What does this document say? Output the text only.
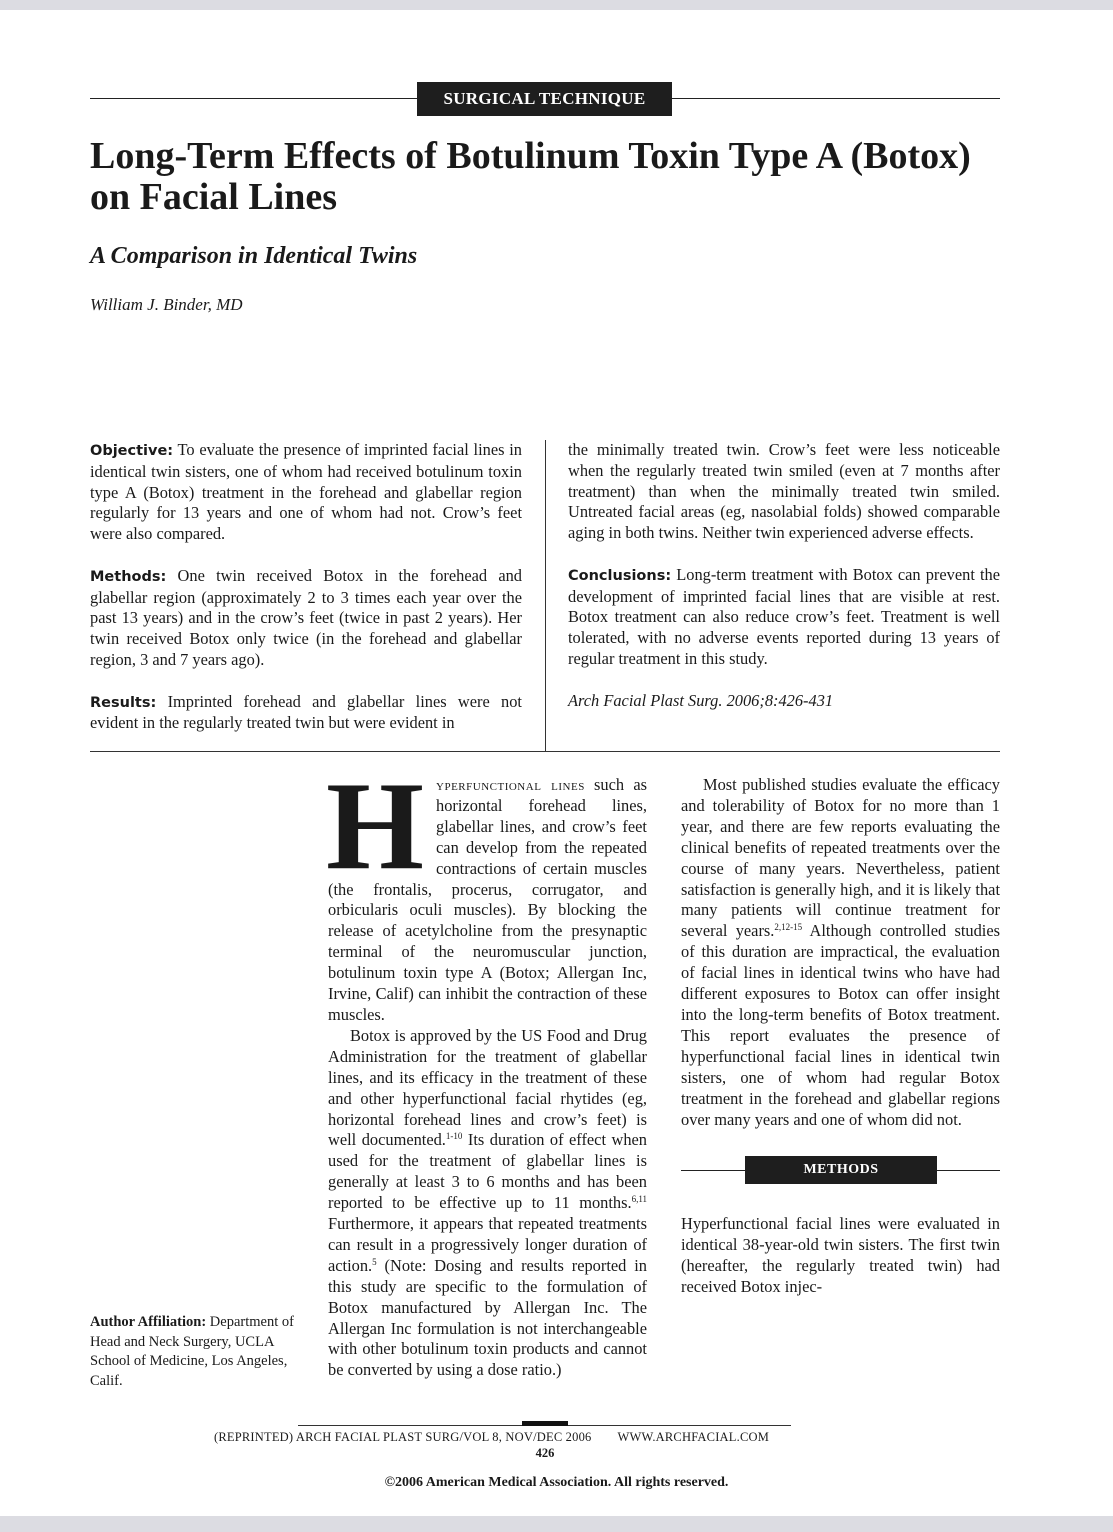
SURGICAL TECHNIQUE
Long-Term Effects of Botulinum Toxin Type A (Botox) on Facial Lines
A Comparison in Identical Twins

William J. Binder, MD

Objective: To evaluate the presence of imprinted facial lines in identical twin sisters, one of whom had received botulinum toxin type A (Botox) treatment in the forehead and glabellar region regularly for 13 years and one of whom had not. Crow’s feet were also compared.

Methods: One twin received Botox in the forehead and glabellar region (approximately 2 to 3 times each year over the past 13 years) and in the crow’s feet (twice in past 2 years). Her twin received Botox only twice (in the forehead and glabellar region, 3 and 7 years ago).

Results: Imprinted forehead and glabellar lines were not evident in the regularly treated twin but were evident in

the minimally treated twin. Crow’s feet were less noticeable when the regularly treated twin smiled (even at 7 months after treatment) than when the minimally treated twin smiled. Untreated facial areas (eg, nasolabial folds) showed comparable aging in both twins. Neither twin experienced adverse effects.

Conclusions: Long-term treatment with Botox can prevent the development of imprinted facial lines that are visible at rest. Botox treatment can also reduce crow’s feet. Treatment is well tolerated, with no adverse events reported during 13 years of regular treatment in this study.

Arch Facial Plast Surg. 2006;8:426-431

Author Affiliation: Department of Head and Neck Surgery, UCLA School of Medicine, Los Angeles, Calif.

Hyperfunctional lines such as horizontal forehead lines, glabellar lines, and crow’s feet can develop from the repeated contractions of certain muscles (the frontalis, procerus, corrugator, and orbicularis oculi muscles). By blocking the release of acetylcholine from the presynaptic terminal of the neuromuscular junction, botulinum toxin type A (Botox; Allergan Inc, Irvine, Calif) can inhibit the contraction of these muscles.

Botox is approved by the US Food and Drug Administration for the treatment of glabellar lines, and its efficacy in the treatment of these and other hyperfunctional facial rhytides (eg, horizontal forehead lines and crow’s feet) is well documented.$^{1-10}$ Its duration of effect when used for the treatment of glabellar lines is generally at least 3 to 6 months and has been reported to be effective up to 11 months.$^{6,11}$ Furthermore, it appears that repeated treatments can result in a progressively longer duration of action.$^5$ (Note: Dosing and results reported in this study are specific to the formulation of Botox manufactured by Allergan Inc. The Allergan Inc formulation is not interchangeable with other botulinum toxin products and cannot be converted by using a dose ratio.)

Most published studies evaluate the efficacy and tolerability of Botox for no more than 1 year, and there are few reports evaluating the clinical benefits of repeated treatments over the course of many years. Nevertheless, patient satisfaction is generally high, and it is likely that many patients will continue treatment for several years.$^{2,12-15}$ Although controlled studies of this duration are impractical, the evaluation of facial lines in identical twins who have had different exposures to Botox can offer insight into the long-term benefits of Botox treatment. This report evaluates the presence of hyperfunctional facial lines in identical twin sisters, one of whom had regular Botox treatment in the forehead and glabellar regions over many years and one of whom did not.

METHODS

Hyperfunctional facial lines were evaluated in identical 38-year-old twin sisters. The first twin (hereafter, the regularly treated twin) had received Botox injec-

(REPRINTED) ARCH FACIAL PLAST SURG/VOL 8, NOV/DEC 2006 WWW.ARCHFACIAL.COM
426
©2006 American Medical Association. All rights reserved.
